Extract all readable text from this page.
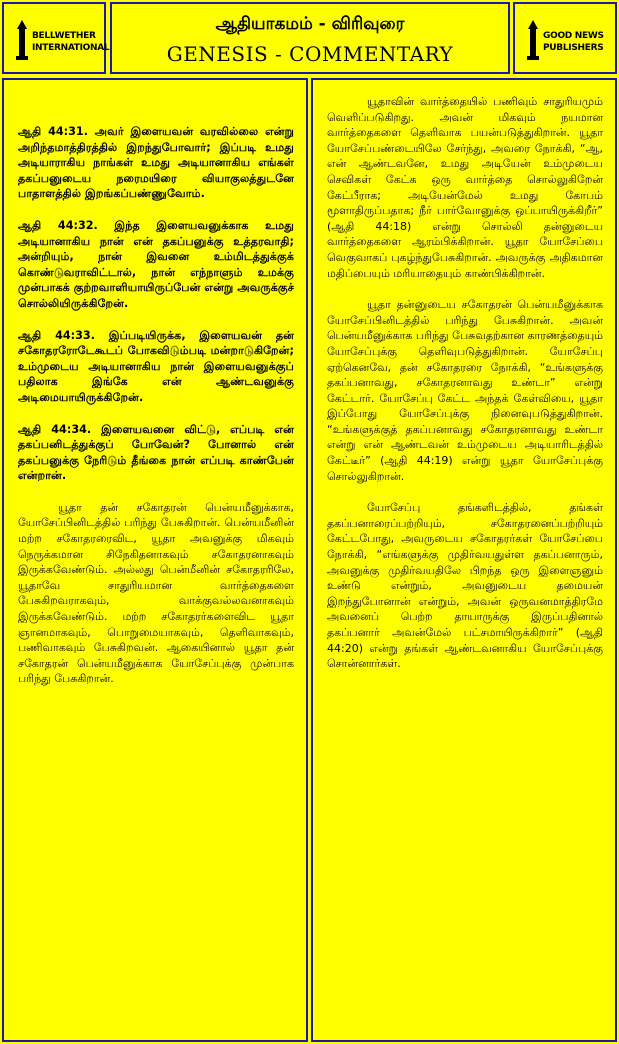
BELLWETHER INTERNATIONAL
ஆதியாகமம் - விரிவுரை
GENESIS - COMMENTARY
GOOD NEWS PUBLISHERS

ஆதி 44:31. அவர் இளையவன் வரவில்லை என்று அறிந்தமாத்திரத்தில் இறந்துபோவார்; இப்படி உமது அடியாராகிய நாங்கள் உமது அடியானாகிய எங்கள் தகப்பனுடைய நரைமயிரை வியாகுலத்துடனே பாதாளத்தில் இறங்கப்பண்ணுவோம்.

ஆதி 44:32. இந்த இளையவனுக்காக உமது அடியானாகிய நான் என் தகப்பனுக்கு உத்தரவாதி; அன்றியும், நான் இவனை உம்மிடத்துக்குக் கொண்டுவராவிட்டால், நான் எந்நாளும் உமக்கு முன்பாகக் குற்றவாளியாயிருப்பேன் என்று அவருக்குச் சொல்லியிருக்கிறேன்.

ஆதி 44:33. இப்படியிருக்க, இளையவன் தன் சகோதரரோடேகூடப் போகவிடும்படி மன்றாடுகிறேன்; உம்முடைய அடியானாகிய நான் இளையவனுக்குப் பதிலாக இங்கே என் ஆண்டவனுக்கு அடிமையாயிருக்கிறேன்.

ஆதி 44:34. இளையவனை விட்டு, எப்படி என் தகப்பனிடத்துக்குப் போவேன்? போனால் என் தகப்பனுக்கு நேரிடும் தீங்கை நான் எப்படி காண்பேன் என்றான்.

யூதா தன் சகோதரன் பென்யமீனுக்காக, யோசேப்பினிடத்தில் பரிந்து பேசுகிறான். பென்யமீனின் மற்ற சகோதரரைவிட, யூதா அவனுக்கு மிகவும் நெருக்கமான சிநேகிதனாகவும் சகோதரனாகவும் இருக்கவேண்டும். அல்லது பென்மீனின் சகோதரரிலே, யூதாவே சாதுரியமான வார்த்தைகளை பேசுகிறவராகவும், வாக்குவல்லவனாகவும் இருக்கவேண்டும். மற்ற சகோதரர்களைவிட யூதா ஞானமாகவும், பொறுமையாகவும், தெளிவாகவும், பணிவாகவும் பேசுகிறவன். ஆகையினால் யூதா தன் சகோதரன் பென்யமீனுக்காக யோசேப்புக்கு முன்பாக பரிந்து பேசுகிறான்.

யூதாவின் வார்த்தையில் பணிவும் சாதுரியமும் வெளிப்படுகிறது. அவன் மிகவும் நயமான வார்த்தைகளை தெளிவாக பயன்படுத்துகிறான். யூதா யோசேப்பண்டையிலே சேர்ந்து, அவரை நோக்கி, “ஆ, என் ஆண்டவனே, உமது அடியேன் உம்முடைய செவிகள் கேட்க ஒரு வார்த்தை சொல்லுகிறேன் கேட்பீராக; அடியேன்மேல் உமது கோபம் மூளாதிருப்பதாக; நீர் பார்வோனுக்கு ஒப்பாயிருக்கிறீர்” (ஆதி 44:18) என்று சொல்லி தன்னுடைய வார்த்தைகளை ஆரம்பிக்கிறான். யூதா யோசேப்பை வெகுவாகப் புகழ்ந்துபேசுகிறான். அவருக்கு அதிகமான மதிப்பையும் மரியாதையும் காண்பிக்கிறான்.

யூதா தன்னுடைய சகோதரன் பென்யமீனுக்காக யோசேப்பினிடத்தில் பரிந்து பேசுகிறான். அவன் பென்யமீனுக்காக பரிந்து பேசுவதற்கான காரணத்தையும் யோசேப்புக்கு தெளிவுபடுத்துகிறான். யோசேப்பு ஏற்கெனவே, தன் சகோதரரை நோக்கி, “உங்களுக்கு தகப்பனாவது, சகோதரனாவது உண்டா” என்று கேட்டார். யோசேப்பு கேட்ட அந்தக் கேள்வியை, யூதா இப்போது யோசேப்புக்கு நினைவுபடுத்துகிறான். “உங்களுக்குத் தகப்பனாவது சகோதரனாவது உண்டா என்று என் ஆண்டவன் உம்முடைய அடியாரிடத்தில் கேட்டீர்” (ஆதி 44:19) என்று யூதா யோசேப்புக்கு சொல்லுகிறான்.

யோசேப்பு தங்களிடத்தில், தங்கள் தகப்பனாரைப்பற்றியும், சகோதரனைப்பற்றியும் கேட்டபோது, அவருடைய சகோதரர்கள் யோசேப்பை நோக்கி, “எங்களுக்கு முதிர்வயதுள்ள தகப்பனாரும், அவனுக்கு முதிர்வயதிலே பிறந்த ஒரு இளைஞனும் உண்டு என்றும், அவனுடைய தமையன் இறந்துபோனான் என்றும், அவன் ஒருவனமாத்திரமே அவனைப் பெற்ற தாயாருக்கு இருப்பதினால் தகப்பனார் அவன்மேல் பட்சமாயிருக்கிறார்” (ஆதி 44:20) என்று தங்கள் ஆண்டவனாகிய யோசேப்புக்கு சொன்னார்கள்.
